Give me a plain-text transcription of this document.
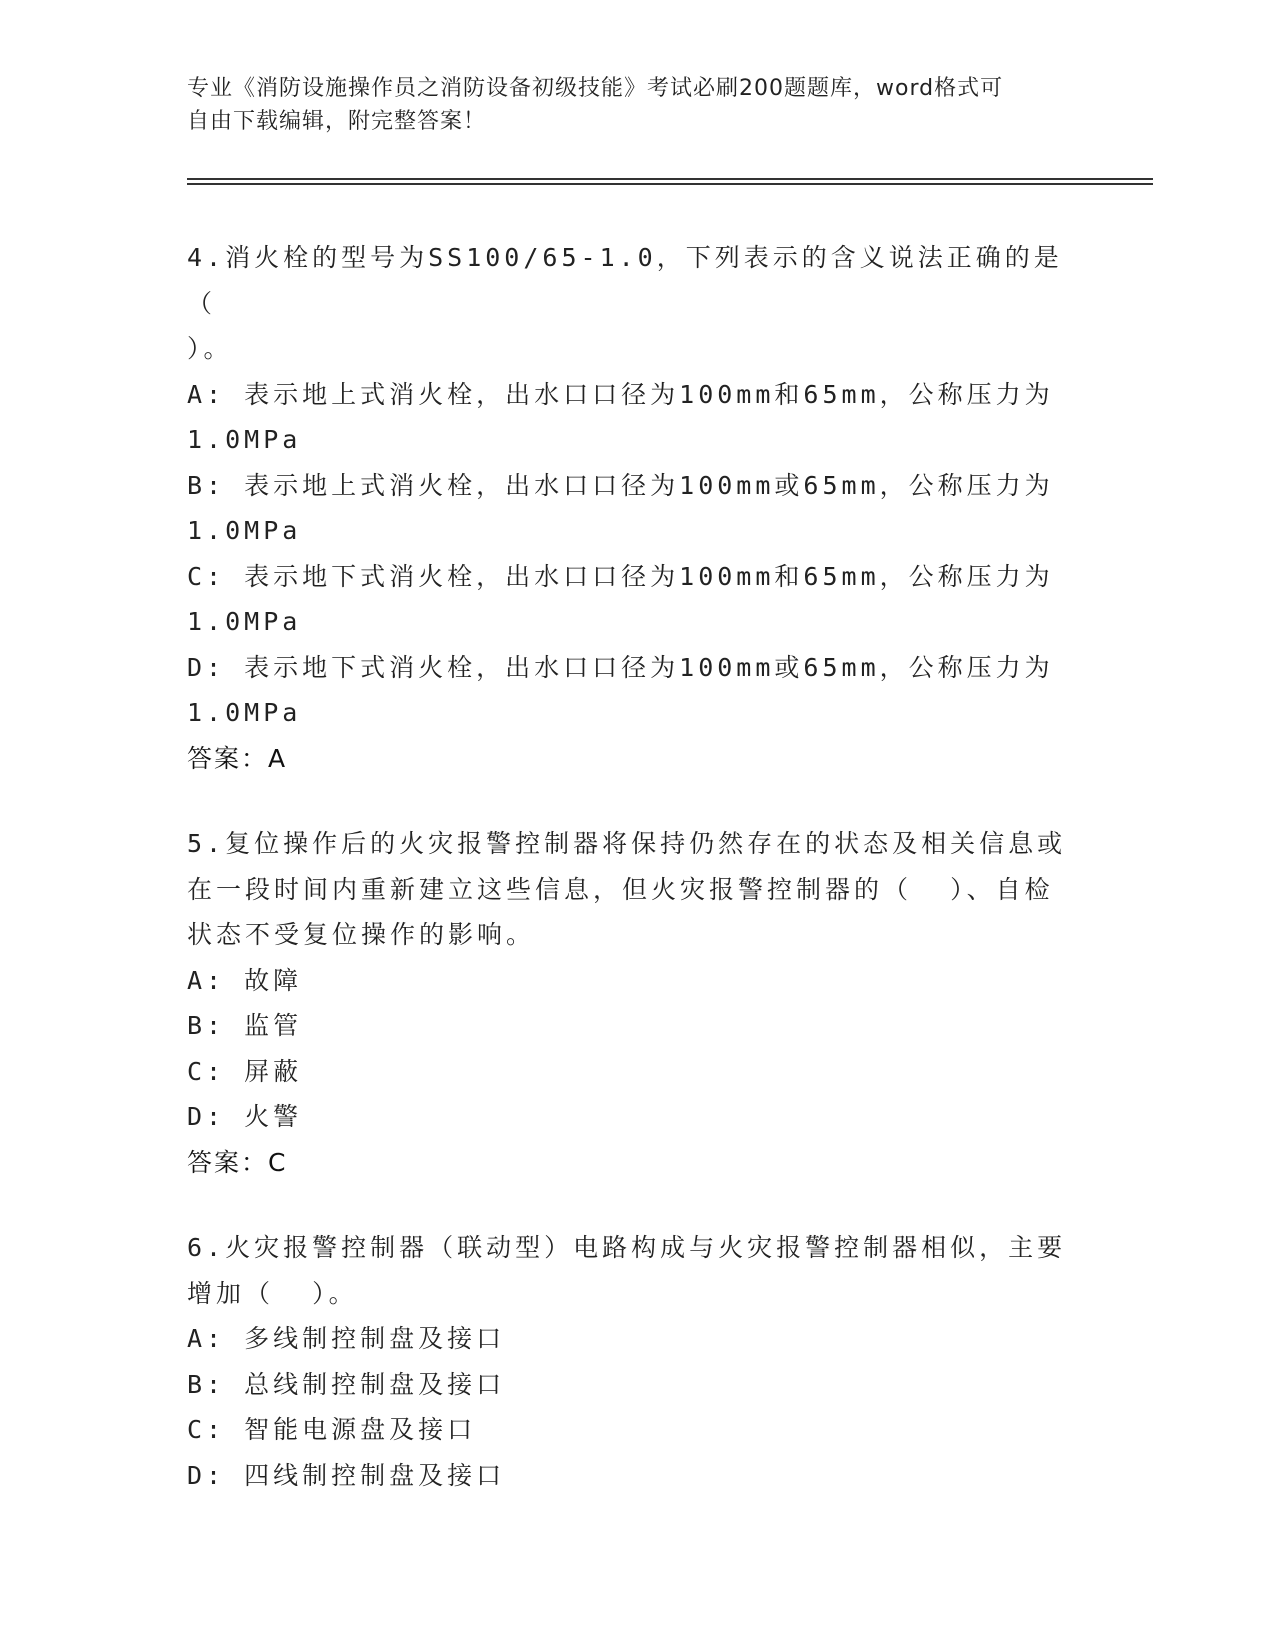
专业《消防设施操作员之消防设备初级技能》考试必刷200题题库，word格式可
自由下载编辑，附完整答案！
4.消火栓的型号为SS100/65-1.0，下列表示的含义说法正确的是（
）。
A: 表示地上式消火栓，出水口口径为100mm和65mm，公称压力为
1.0MPa
B: 表示地上式消火栓，出水口口径为100mm或65mm，公称压力为
1.0MPa
C: 表示地下式消火栓，出水口口径为100mm和65mm，公称压力为
1.0MPa
D: 表示地下式消火栓，出水口口径为100mm或65mm，公称压力为
1.0MPa
答案：A
5.复位操作后的火灾报警控制器将保持仍然存在的状态及相关信息或
在一段时间内重新建立这些信息，但火灾报警控制器的（  ）、自检
状态不受复位操作的影响。
A: 故障
B: 监管
C: 屏蔽
D: 火警
答案：C
6.火灾报警控制器（联动型）电路构成与火灾报警控制器相似，主要
增加（  ）。
A: 多线制控制盘及接口
B: 总线制控制盘及接口
C: 智能电源盘及接口
D: 四线制控制盘及接口
